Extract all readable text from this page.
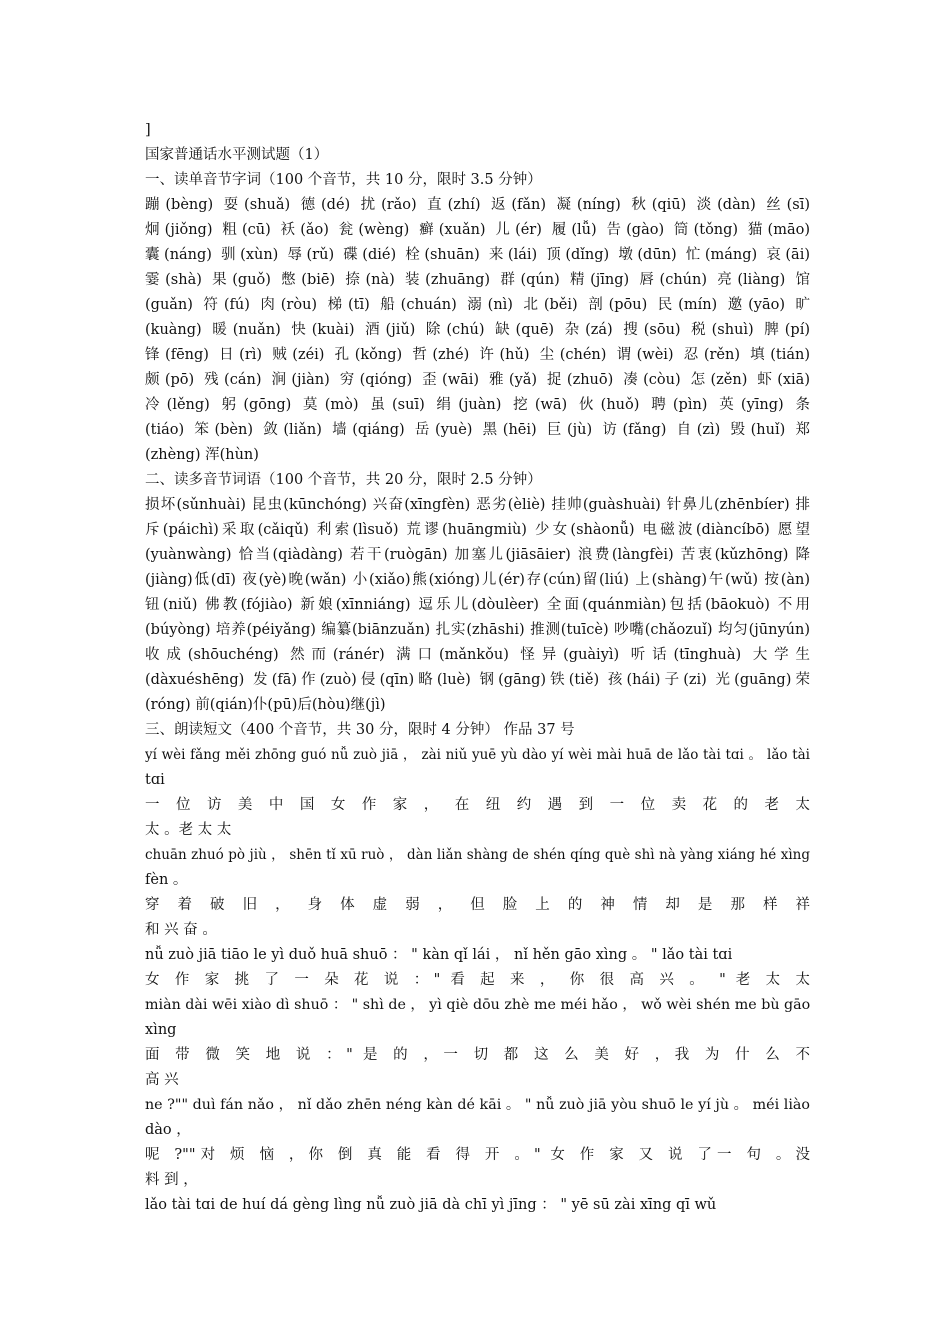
]
国家普通话水平测试题（1）
一、读单音节字词（100 个音节，共 10 分，限时 3.5 分钟）
蹦(bèng) 耍(shuǎ) 德(dé) 扰(rǎo) 直(zhí) 返(fǎn) 凝(níng) 秋(qiū) 淡(dàn) 丝(sī)
炯(jiǒng) 粗(cū) 袄(ǎo) 瓮(wèng) 癣(xuǎn) 儿(ér) 履(lǚ) 告(gào) 筒(tǒng) 猫(māo)
囊(náng) 驯(xùn) 辱(rǔ) 碟(dié) 栓(shuān) 来(lái) 顶(dǐng) 墩(dūn) 忙(máng) 哀(āi)
霎(shà) 果(guǒ) 憋(biē) 捺(nà) 装(zhuāng) 群(qún) 精(jīng) 唇(chún) 亮(liàng) 馆
(guǎn) 符(fú) 肉(ròu) 梯(tī) 船(chuán) 溺(nì) 北(běi) 剖(pōu) 民(mín) 邀(yāo) 旷
(kuàng) 暖(nuǎn) 快(kuài) 酒(jiǔ) 除(chú) 缺(quē) 杂(zá) 搜(sōu) 税(shuì) 脾(pí)
锋(fēng) 日(rì) 贼(zéi) 孔(kǒng) 哲(zhé) 许(hǔ) 尘(chén) 谓(wèi) 忍(rěn) 填(tián)
颇(pō) 残(cán) 涧(jiàn) 穷(qióng) 歪(wāi) 雅(yǎ) 捉(zhuō) 凑(còu) 怎(zěn) 虾(xiā)
冷(lěng) 躬(gōng) 莫(mò) 虽(suī) 绢(juàn) 挖(wā) 伙(huǒ) 聘(pìn) 英(yīng) 条
(tiáo) 笨(bèn) 敛(liǎn) 墙(qiáng) 岳(yuè) 黑(hēi) 巨(jù) 访(fǎng) 自(zì) 毁(huǐ) 郑
(zhèng) 浑(hùn)
二、读多音节词语（100 个音节，共 20 分，限时 2.5 分钟）
损坏(sǔnhuài) 昆虫(kūnchóng) 兴奋(xīngfèn) 恶劣(èliè) 挂帅(guàshuài) 针鼻儿(zhēnbíer) 排
斥(páichì)采取(cǎiqǔ) 利索(lìsuǒ) 荒谬(huāngmiù) 少女(shàonǚ) 电磁波(diàncíbō) 愿望
(yuànwàng) 恰当(qiàdàng) 若干(ruògān) 加塞儿(jiāsāier) 浪费(làngfèi) 苦衷(kǔzhōng) 降
(jiàng)低(dī) 夜(yè)晚(wǎn) 小(xiǎo)熊(xióng)儿(ér)存(cún)留(liú) 上(shàng)午(wǔ) 按(àn)
钮(niǔ) 佛教(fójiào) 新娘(xīnniáng) 逗乐儿(dòulèer) 全面(quánmiàn)包括(bāokuò) 不用
(búyòng) 培养(péiyǎng) 编纂(biānzuǎn) 扎实(zhāshi) 推测(tuīcè) 吵嘴(chǎozuǐ) 均匀(jūnyún)
收成(shōuchéng) 然而(ránér) 满口(mǎnkǒu) 怪异(guàiyì) 听话(tīnghuà) 大学生
(dàxuéshēng) 发(fā)作(zuò)侵(qīn)略(luè) 钢(gāng)铁(tiě) 孩(hái)子(zi) 光(guāng)荣
(róng) 前(qián)仆(pū)后(hòu)继(jì)
三、朗读短文（400 个音节，共 30 分，限时 4 分钟） 作品 37 号
yí wèi fǎng měi zhōng guó nǚ zuò jiā ， zài niǔ yuē yù dào yí wèi mài huā de lǎo tài tɑi 。 lǎo tài
tɑi
一 位 访 美 中 国 女 作 家 ， 在 纽 约 遇 到 一 位 卖 花 的 老 太
太 。老 太 太
chuān zhuó pò jiù ， shēn tǐ xū ruò ， dàn liǎn shàng de shén qíng què shì nà yàng xiáng hé xìng
fèn 。
穿 着 破 旧 ， 身 体 虚 弱 ， 但 脸 上 的 神 情 却 是 那 样 祥
和 兴 奋 。
nǚ zuò jiā tiāo le yì duǒ huā shuō ： " kàn qǐ lái ， nǐ hěn gāo xìng 。 " lǎo tài tɑi
女 作 家 挑 了 一 朵 花 说 ：" 看 起 来 ， 你 很 高 兴 。 " 老 太 太
miàn dài wēi xiào dì shuō ： " shì de ， yì qiè dōu zhè me méi hǎo ， wǒ wèi shén me bù gāo
xìng
面 带 微 笑 地 说 ：" 是 的 ，一 切 都 这 么 美 好 ，我 为 什 么 不
高 兴
ne ?"" duì fán nǎo ， nǐ dǎo zhēn néng kàn dé kāi 。 " nǚ zuò jiā yòu shuō le yí jù 。 méi liào
dào ，
呢 ?""对 烦 恼 ，你 倒 真 能 看 得 开 。" 女 作 家 又 说 了一 句 。没
料 到 ，
lǎo tài tɑi de huí dá gèng lìng nǚ zuò jiā dà chī yì jīng ： " yē sū zài xīng qī wǔ
